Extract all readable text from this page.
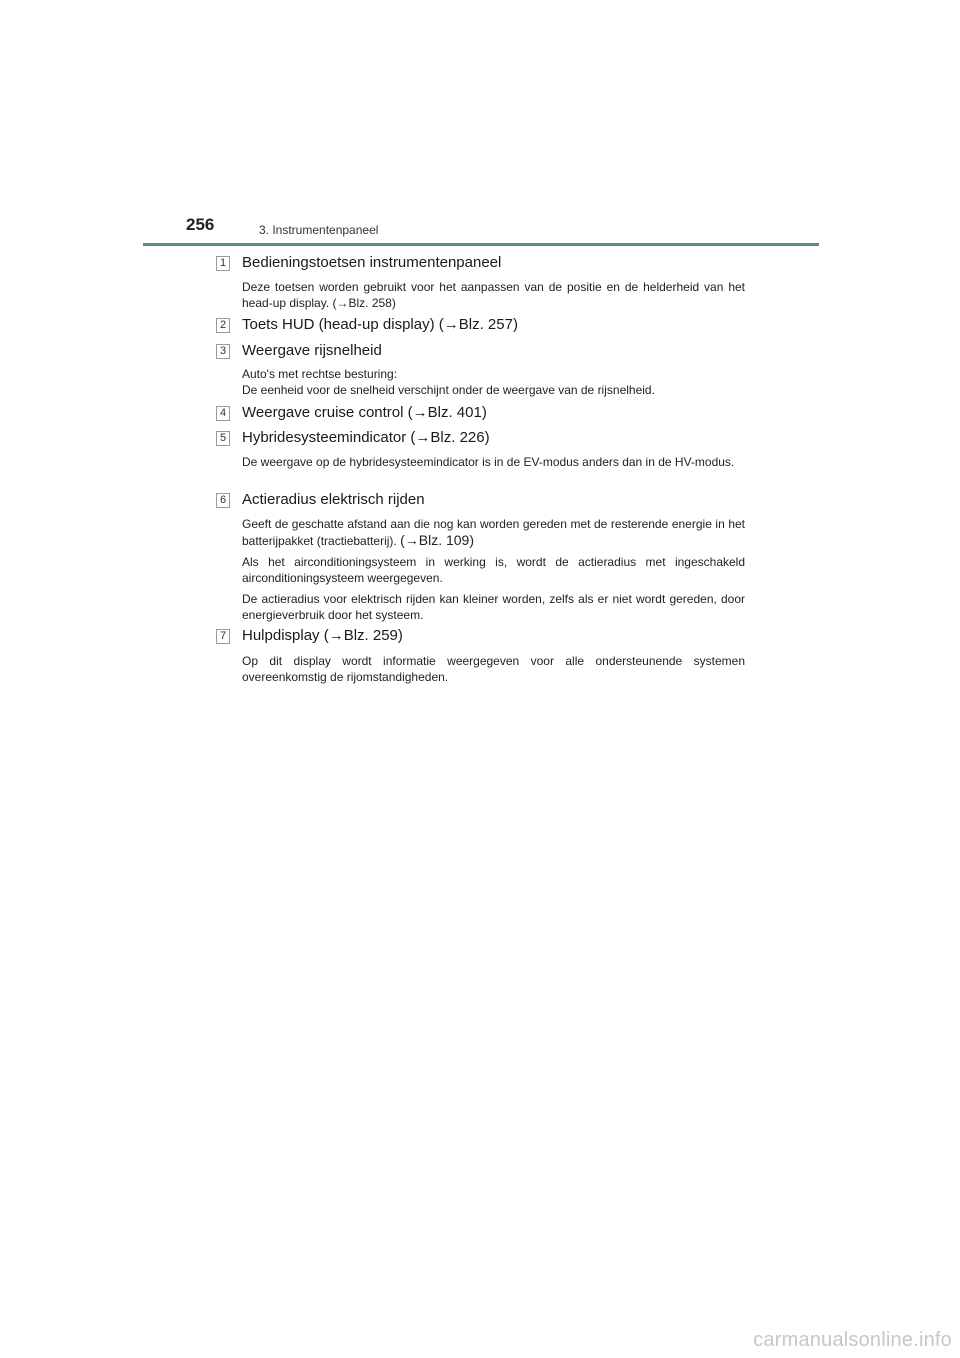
256	3. Instrumentenpaneel
1 Bedieningstoetsen instrumentenpaneel
Deze toetsen worden gebruikt voor het aanpassen van de positie en de helderheid van het head-up display. (→Blz. 258)
2 Toets HUD (head-up display) (→Blz. 257)
3 Weergave rijsnelheid
Auto's met rechtse besturing:
De eenheid voor de snelheid verschijnt onder de weergave van de rijsnelheid.
4 Weergave cruise control (→Blz. 401)
5 Hybridesysteemindicator (→Blz. 226)
De weergave op de hybridesysteemindicator is in de EV-modus anders dan in de HV-modus.
6 Actieradius elektrisch rijden
Geeft de geschatte afstand aan die nog kan worden gereden met de resterende energie in het batterijpakket (tractiebatterij). (→Blz. 109)
Als het airconditioningsysteem in werking is, wordt de actieradius met ingeschakeld airconditioningsysteem weergegeven.
De actieradius voor elektrisch rijden kan kleiner worden, zelfs als er niet wordt gereden, door energieverbruik door het systeem.
7 Hulpdisplay (→Blz. 259)
Op dit display wordt informatie weergegeven voor alle ondersteunende systemen overeenkomstig de rijomstandigheden.
carmanualsonline.info
